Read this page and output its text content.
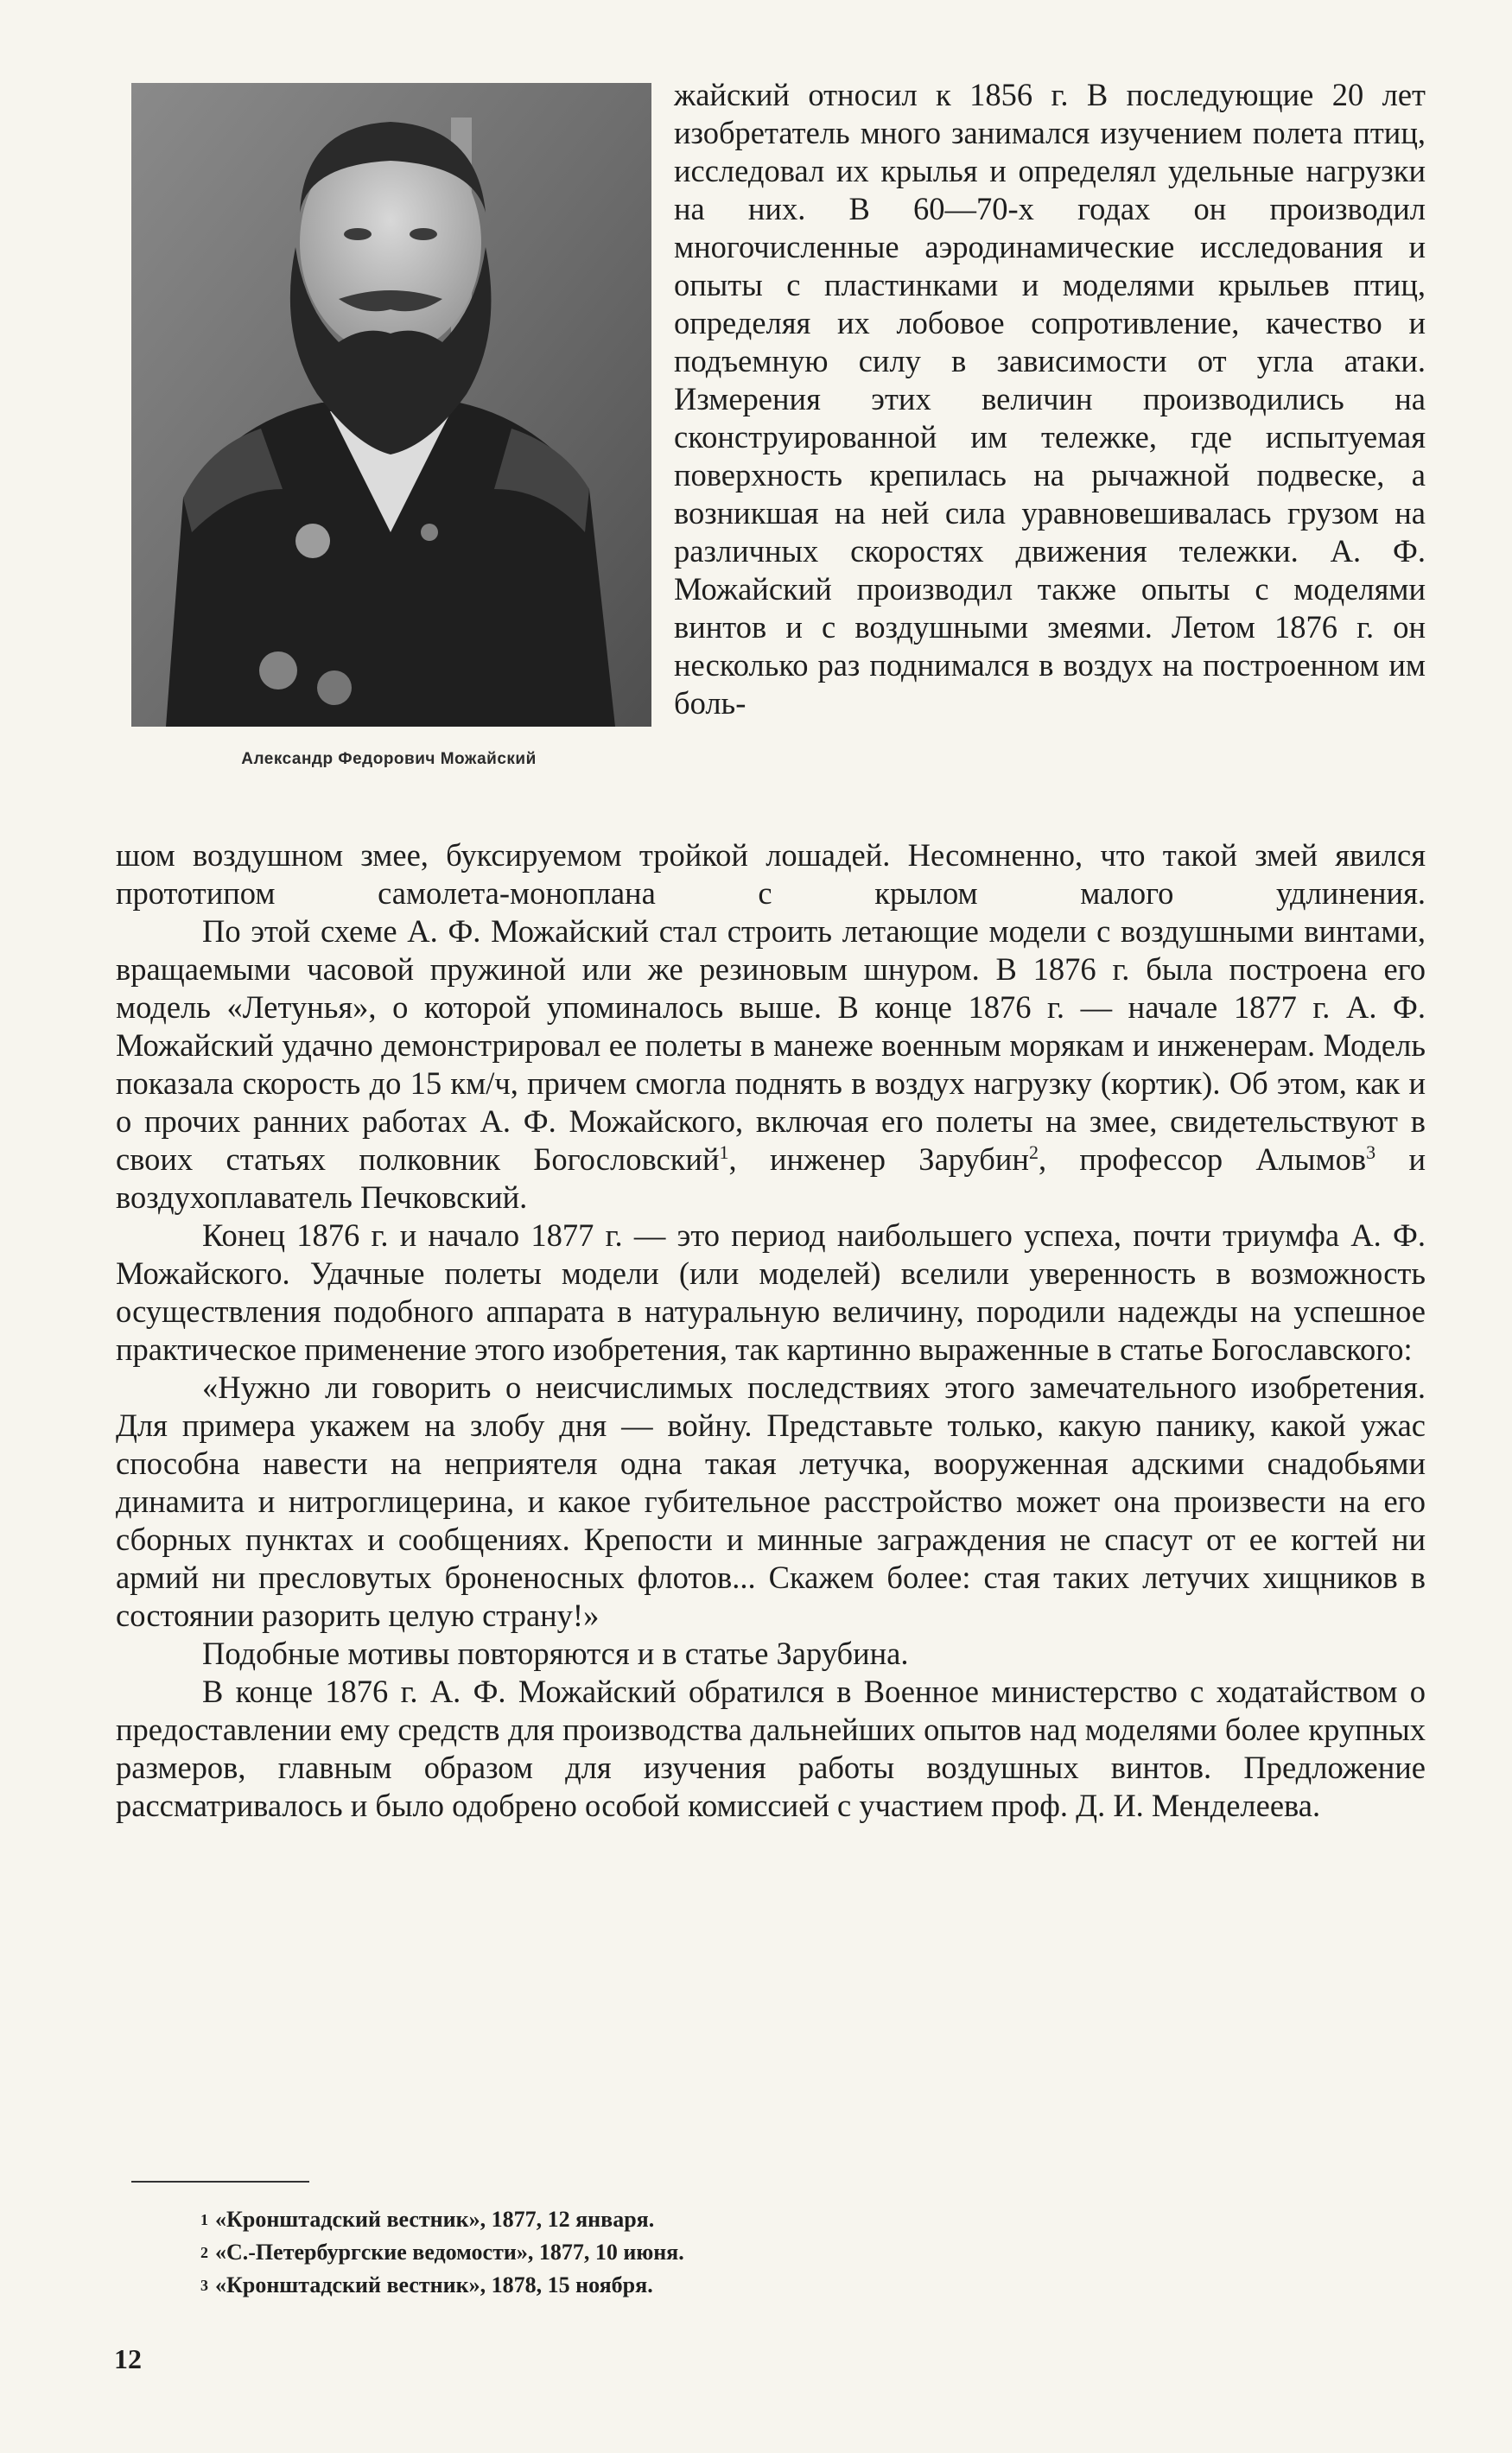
Александр Федорович Можайский
жайский относил к 1856 г. В последующие 20 лет изобретатель много занимался изучением полета птиц, исследовал их крылья и определял удельные нагрузки на них. В 60—70-х годах он производил многочисленные аэродинамические исследования и опыты с пластинками и моделями крыльев птиц, определяя их лобовое сопротивление, качество и подъемную силу в зависимости от угла атаки. Измерения этих величин производились на сконструированной им тележке, где испытуемая поверхность крепилась на рычажной подвеске, а возникшая на ней сила уравновешивалась грузом на различных скоростях движения тележки. А. Ф. Можайский производил также опыты с моделями винтов и с воздушными змеями. Летом 1876 г. он несколько раз поднимался в воздух на построенном им боль-

шом воздушном змее, буксируемом тройкой лошадей. Несомненно, что такой змей явился прототипом самолета-моноплана с крылом малого удлинения.

По этой схеме А. Ф. Можайский стал строить летающие модели с воздушными винтами, вращаемыми часовой пружиной или же резиновым шнуром. В 1876 г. была построена его модель «Летунья», о которой упоминалось выше. В конце 1876 г. — начале 1877 г. А. Ф. Можайский удачно демонстрировал ее полеты в манеже военным морякам и инженерам. Модель показала скорость до 15 км/ч, причем смогла поднять в воздух нагрузку (кортик). Об этом, как и о прочих ранних работах А. Ф. Можайского, включая его полеты на змее, свидетельствуют в своих статьях полковник Богословский$^1$, инженер Зарубин$^2$, профессор Алымов$^3$ и воздухоплаватель Печковский.

Конец 1876 г. и начало 1877 г. — это период наибольшего успеха, почти триумфа А. Ф. Можайского. Удачные полеты модели (или моделей) вселили уверенность в возможность осуществления подобного аппарата в натуральную величину, породили надежды на успешное практическое применение этого изобретения, так картинно выраженные в статье Богославского:

«Нужно ли говорить о неисчислимых последствиях этого замечательного изобретения. Для примера укажем на злобу дня — войну. Представьте только, какую панику, какой ужас способна навести на неприятеля одна такая летучка, вооруженная адскими снадобьями динамита и нитроглицерина, и какое губительное расстройство может она произвести на его сборных пунктах и сообщениях. Крепости и минные заграждения не спасут от ее когтей ни армий ни пресловутых броненосных флотов... Скажем более: стая таких летучих хищников в состоянии разорить целую страну!»

Подобные мотивы повторяются и в статье Зарубина.

В конце 1876 г. А. Ф. Можайский обратился в Военное министерство с ходатайством о предоставлении ему средств для производства дальнейших опытов над моделями более крупных размеров, главным образом для изучения работы воздушных винтов. Предложение рассматривалось и было одобрено особой комиссией с участием проф. Д. И. Менделеева.

$^1$ «Кронштадский вестник», 1877, 12 января.
$^2$ «С.-Петербургские ведомости», 1877, 10 июня.
$^3$ «Кронштадский вестник», 1878, 15 ноября.
12
